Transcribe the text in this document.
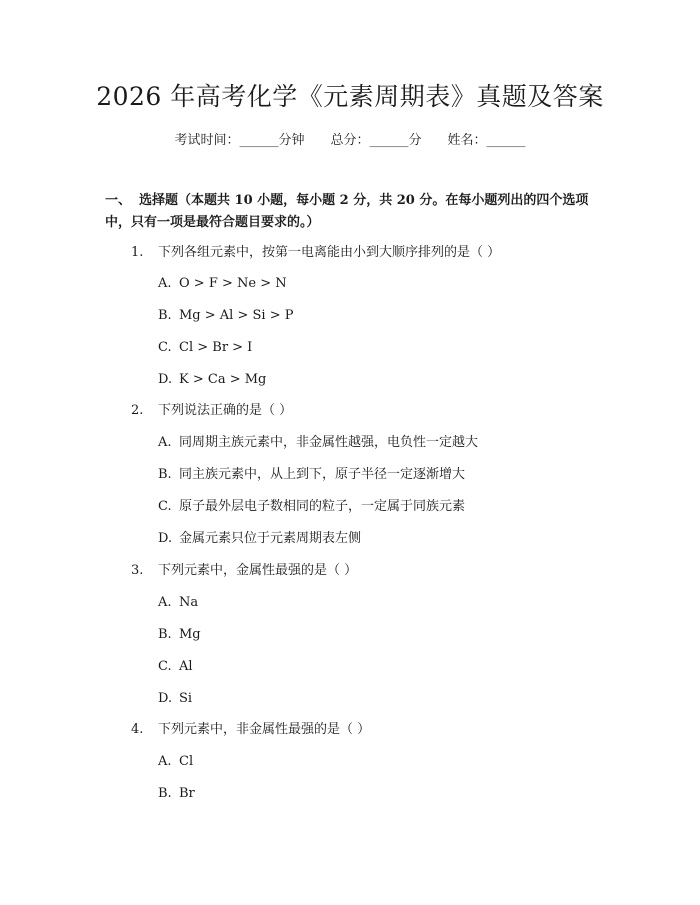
2026 年高考化学《元素周期表》真题及答案
考试时间：______分钟 总分：______分 姓名：______
一、 选择题（本题共 10 小题，每小题 2 分，共 20 分。在每小题列出的四个选项中，只有一项是最符合题目要求的。）
1. 下列各组元素中，按第一电离能由小到大顺序排列的是（ ）
A. O > F > Ne > N
B. Mg > Al > Si > P
C. Cl > Br > I
D. K > Ca > Mg
2. 下列说法正确的是（ ）
A. 同周期主族元素中，非金属性越强，电负性一定越大
B. 同主族元素中，从上到下，原子半径一定逐渐增大
C. 原子最外层电子数相同的粒子，一定属于同族元素
D. 金属元素只位于元素周期表左侧
3. 下列元素中，金属性最强的是（ ）
A. Na
B. Mg
C. Al
D. Si
4. 下列元素中，非金属性最强的是（ ）
A. Cl
B. Br
